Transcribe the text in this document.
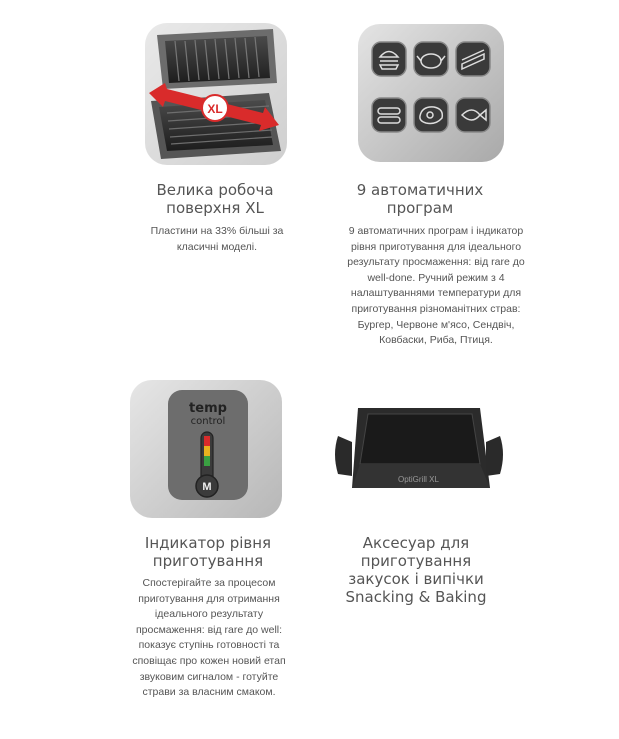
XL
Велика робоча поверхня XL
Пластини на 33% більші за класичні моделі.
9 автоматичних програм
9 автоматичних програм і індикатор рівня приготування для ідеального результату просмаження: від rare до well-done. Ручний режим з 4 налаштуваннями температури для приготування різноманітних страв: Бургер, Червоне м'ясо, Сендвіч, Ковбаски, Риба, Птиця.
temp
control
M
Індикатор рівня приготування
Спостерігайте за процесом приготування для отримання ідеального результату просмаження: від rare до well: показує ступінь готовності та сповіщає про кожен новий етап звуковим сигналом - готуйте страви за власним смаком.
OptiGrill XL
Аксесуар для приготування закусок і випічки Snacking & Baking
